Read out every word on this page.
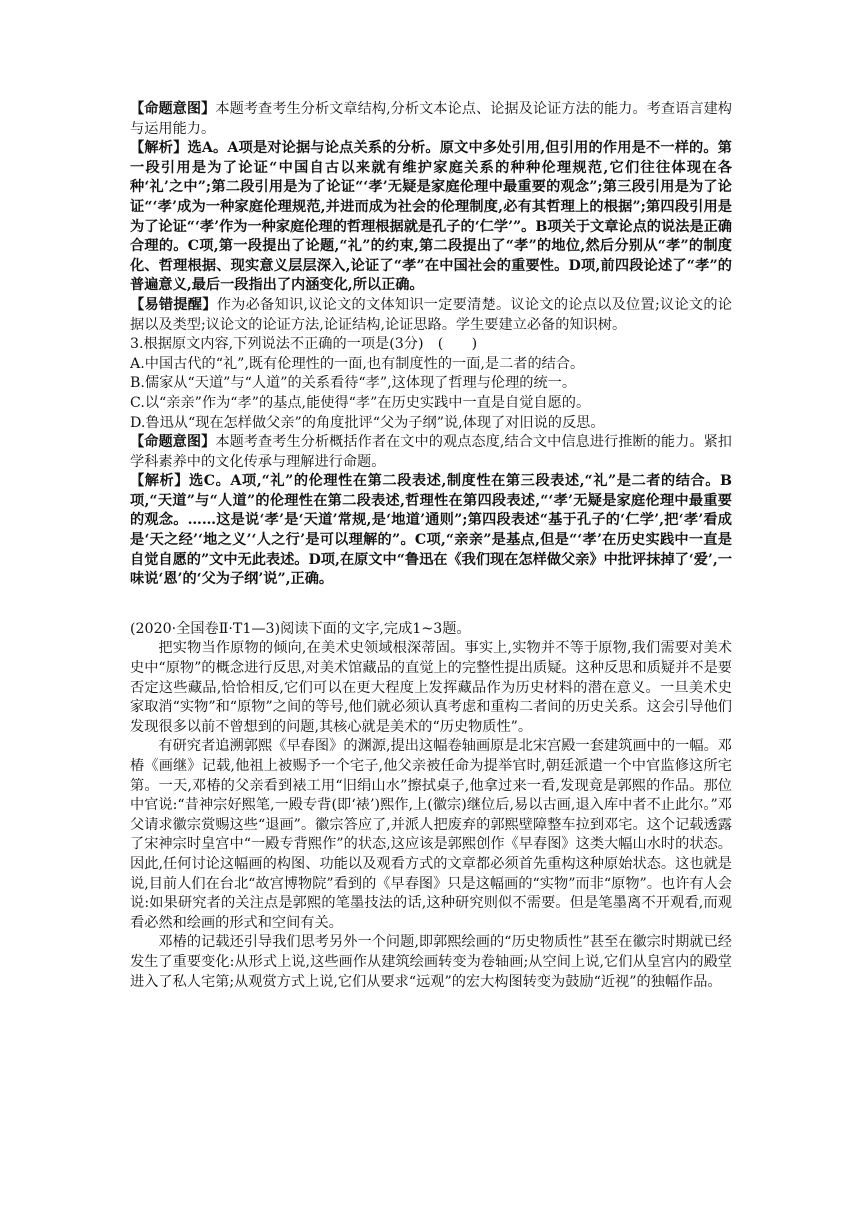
【命题意图】本题考查考生分析文章结构,分析文本论点、论据及论证方法的能力。考查语言建构与运用能力。

【解析】选A。A项是对论据与论点关系的分析。原文中多处引用,但引用的作用是不一样的。第一段引用是为了论证“中国自古以来就有维护家庭关系的种种伦理规范,它们往往体现在各种‘礼’之中”;第二段引用是为了论证“‘孝’无疑是家庭伦理中最重要的观念”;第三段引用是为了论证“‘孝’成为一种家庭伦理规范,并进而成为社会的伦理制度,必有其哲理上的根据”;第四段引用是为了论证“‘孝’作为一种家庭伦理的哲理根据就是孔子的‘仁学’”。B项关于文章论点的说法是正确合理的。C项,第一段提出了论题,“礼”的约束,第二段提出了“孝”的地位,然后分别从“孝”的制度化、哲理根据、现实意义层层深入,论证了“孝”在中国社会的重要性。D项,前四段论述了“孝”的普遍意义,最后一段指出了内涵变化,所以正确。

【易错提醒】作为必备知识,议论文的文体知识一定要清楚。议论文的论点以及位置;议论文的论据以及类型;议论文的论证方法,论证结构,论证思路。学生要建立必备的知识树。

3.根据原文内容,下列说法不正确的一项是(3分)　(　　)

A.中国古代的“礼”,既有伦理性的一面,也有制度性的一面,是二者的结合。

B.儒家从“天道”与“人道”的关系看待“孝”,这体现了哲理与伦理的统一。

C.以“亲亲”作为“孝”的基点,能使得“孝”在历史实践中一直是自觉自愿的。

D.鲁迅从“现在怎样做父亲”的角度批评“父为子纲”说,体现了对旧说的反思。

【命题意图】本题考查考生分析概括作者在文中的观点态度,结合文中信息进行推断的能力。紧扣学科素养中的文化传承与理解进行命题。

【解析】选C。A项,“礼”的伦理性在第二段表述,制度性在第三段表述,“礼”是二者的结合。B项,“天道”与“人道”的伦理性在第二段表述,哲理性在第四段表述,“‘孝’无疑是家庭伦理中最重要的观念。……这是说‘孝’是‘天道’常规,是‘地道’通则”;第四段表述“基于孔子的‘仁学’,把‘孝’看成是‘天之经’‘地之义’‘人之行’是可以理解的”。C项,“亲亲”是基点,但是“‘孝’在历史实践中一直是自觉自愿的”文中无此表述。D项,在原文中“鲁迅在《我们现在怎样做父亲》中批评抹掉了‘爱’,一味说‘恩’的‘父为子纲’说”,正确。

(2020·全国卷Ⅱ·T1—3)阅读下面的文字,完成1~3题。

把实物当作原物的倾向,在美术史领域根深蒂固。事实上,实物并不等于原物,我们需要对美术史中“原物”的概念进行反思,对美术馆藏品的直觉上的完整性提出质疑。这种反思和质疑并不是要否定这些藏品,恰恰相反,它们可以在更大程度上发挥藏品作为历史材料的潜在意义。一旦美术史家取消“实物”和“原物”之间的等号,他们就必须认真考虑和重构二者间的历史关系。这会引导他们发现很多以前不曾想到的问题,其核心就是美术的“历史物质性”。

有研究者追溯郭熙《早春图》的渊源,提出这幅卷轴画原是北宋宫殿一套建筑画中的一幅。邓椿《画继》记载,他祖上被赐予一个宅子,他父亲被任命为提举官时,朝廷派遣一个中官监修这所宅第。一天,邓椿的父亲看到裱工用“旧绢山水”擦拭桌子,他拿过来一看,发现竟是郭熙的作品。那位中官说:“昔神宗好熙笔,一殿专背(即‘裱’)熙作,上(徽宗)继位后,易以古画,退入库中者不止此尔。”邓父请求徽宗赏赐这些“退画”。徽宗答应了,并派人把废弃的郭熙壁障整车拉到邓宅。这个记载透露了宋神宗时皇宫中“一殿专背熙作”的状态,这应该是郭熙创作《早春图》这类大幅山水时的状态。因此,任何讨论这幅画的构图、功能以及观看方式的文章都必须首先重构这种原始状态。这也就是说,目前人们在台北“故宫博物院”看到的《早春图》只是这幅画的“实物”而非“原物”。也许有人会说:如果研究者的关注点是郭熙的笔墨技法的话,这种研究则似不需要。但是笔墨离不开观看,而观看必然和绘画的形式和空间有关。

邓椿的记载还引导我们思考另外一个问题,即郭熙绘画的“历史物质性”甚至在徽宗时期就已经发生了重要变化:从形式上说,这些画作从建筑绘画转变为卷轴画;从空间上说,它们从皇宫内的殿堂进入了私人宅第;从观赏方式上说,它们从要求“远观”的宏大构图转变为鼓励“近视”的独幅作品。
